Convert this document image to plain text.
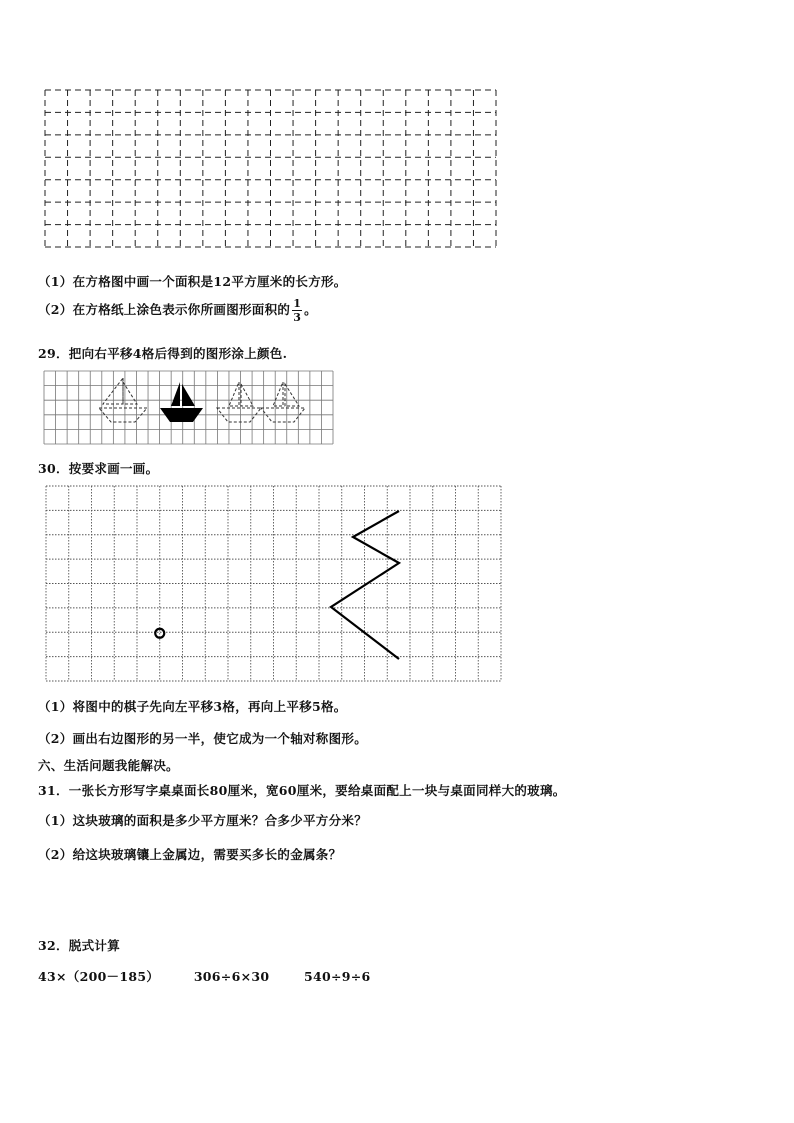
（1）在方格图中画一个面积是12平方厘米的长方形。
（2）在方格纸上涂色表示你所画图形面积的 $\frac{1}{3}$ 。
29．把向右平移4格后得到的图形涂上颜色.
30．按要求画一画。
（1）将图中的棋子先向左平移3格，再向上平移5格。
（2）画出右边图形的另一半，使它成为一个轴对称图形。
六、生活问题我能解决。
31．一张长方形写字桌桌面长80厘米，宽60厘米，要给桌面配上一块与桌面同样大的玻璃。
（1）这块玻璃的面积是多少平方厘米？合多少平方分米？
（2）给这块玻璃镶上金属边，需要买多长的金属条？
32．脱式计算
43×（200－185）	306÷6×30	540÷9÷6
